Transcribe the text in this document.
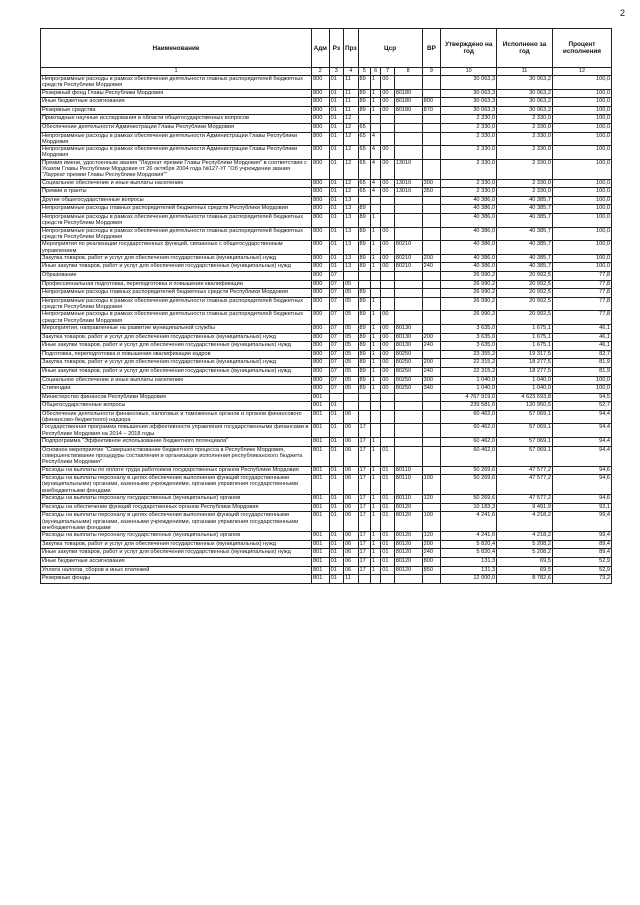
2
Наименование	Адм	Рз	Прз	Цср				ВР	Утверждено на год	Исполнено за год	Процент исполнения
1	2	3	4	5	6	7	8	9	10	11	12
Непрограммные расходы в рамках обеспечения деятельности главных распорядителей бюджетных средств Республики Мордовия	800	01	11	89	1	00			30 063,3	30 063,2	100,0
Резервный фонд Главы Республики Мордовия	800	01	11	89	1	00	80180		30 063,3	30 063,2	100,0
Иные бюджетные ассигнования	800	01	11	89	1	00	80180	800	30 063,3	30 063,2	100,0
Резервные средства	800	01	11	89	1	00	80180	870	30 063,3	30 063,2	100,0
Прикладные научные исследования в области общегосударственных вопросов	800	01	12						2 330,0	2 330,0	100,0
Обеспечение деятельности Администрации Главы Республики Мордовия	800	01	12	65					2 330,0	2 330,0	100,0
Непрограммные расходы в рамках обеспечения деятельности Администрации Главы Республики Мордовия	800	01	12	65	4				2 330,0	2 330,0	100,0
Непрограммные расходы в рамках обеспечения деятельности Администрации Главы Республики Мордовия	800	01	12	65	4	00			2 330,0	2 330,0	100,0
Премия имени, удостоенным звания "Лауреат премии Главы Республики Мордовия" в соответствии с Указом Главы Республики Мордовия от 26 октября 2004 года №127-УГ "Об учреждении звания "Лауреат премии Главы Республики Мордовия""	800	01	12	65	4	00	13010		2 330,0	2 330,0	100,0
Социальное обеспечение и иные выплаты населению	800	01	12	65	4	00	13010	300	2 330,0	2 330,0	100,0
Премии и гранты	800	01	12	65	4	00	13010	350	2 330,0	2 330,0	100,0
Другие общегосударственные вопросы	800	01	13						40 386,0	40 385,7	100,0
Непрограммные расходы главных распорядителей бюджетных средств Республики Мордовия	800	01	13	89					40 386,0	40 385,7	100,0
Непрограммные расходы в рамках обеспечения деятельности главных распорядителей бюджетных средств Республики Мордовия	800	01	13	89	1				40 386,0	40 385,7	100,0
Непрограммные расходы в рамках обеспечения деятельности главных распорядителей бюджетных средств Республики Мордовия	800	01	13	89	1	00			40 386,0	40 385,7	100,0
Мероприятия по реализации государственных функций, связанных с общегосударственным управлением	800	01	13	89	1	00	80210		40 386,0	40 385,7	100,0
Закупка товаров, работ и услуг для обеспечения государственных (муниципальных) нужд	800	01	13	89	1	00	80210	200	40 386,0	40 385,7	100,0
Иные закупки товаров, работ и услуг для обеспечения государственных (муниципальных) нужд	800	01	13	89	1	00	80210	240	40 386,0	40 385,7	100,0
Образование	800	07							26 990,2	20 992,5	77,8
Профессиональная подготовка, переподготовка и повышение квалификации	800	07	05						26 990,2	20 992,5	77,8
Непрограммные расходы главных распорядителей бюджетных средств Республики Мордовия	800	07	05	89					26 990,2	20 992,5	77,8
Непрограммные расходы в рамках обеспечения деятельности главных распорядителей бюджетных средств Республики Мордовия	800	07	05	89	1				26 990,2	20 992,5	77,8
Непрограммные расходы в рамках обеспечения деятельности главных распорядителей бюджетных средств Республики Мордовия	800	07	05	89	1	00			26 990,2	20 992,5	77,8
Мероприятия, направленные на развитие муниципальной службы	800	07	05	89	1	00	80130		3 635,0	1 675,1	46,1
Закупка товаров, работ и услуг для обеспечения государственных (муниципальных) нужд	800	07	05	89	1	00	80130	200	3 635,0	1 675,1	46,1
Иные закупки товаров, работ и услуг для обеспечения государственных (муниципальных) нужд	800	07	05	89	1	00	80130	240	3 635,0	1 675,1	46,1
Подготовка, переподготовка и повышение квалификации кадров	800	07	05	89	1	00	80250		23 355,2	19 317,5	82,7
Закупка товаров, работ и услуг для обеспечения государственных (муниципальных) нужд	800	07	05	89	1	00	80250	200	22 315,2	18 277,5	81,9
Иные закупки товаров, работ и услуг для обеспечения государственных (муниципальных) нужд	800	07	05	89	1	00	80250	240	22 315,2	18 277,5	81,9
Социальное обеспечение и иные выплаты населению	800	07	05	89	1	00	80250	300	1 040,0	1 040,0	100,0
Стипендии	800	07	05	89	1	00	80250	340	1 040,0	1 040,0	100,0
Министерство финансов Республики Мордовия	801								4 767 919,0	4 623 593,8	94,5
Общегосударственные вопросы	801	01							239 581,6	120 950,5	52,7
Обеспечение деятельности финансовых, налоговых и таможенных органов и органов финансового (финансово-бюджетного) надзора	801	01	06						60 462,0	57 069,1	94,4
Государственная программа повышения эффективности управления государственными финансами в Республике Мордовия на 2014 – 2018 годы	801	01	06	17					60 462,0	57 069,1	94,4
Подпрограмма "Эффективное использование бюджетного потенциала"	801	01	06	17	1				60 462,0	57 069,1	94,4
Основное мероприятие "Совершенствование бюджетного процесса в Республике Мордовия, совершенствование процедуры составления и организации исполнения республиканского бюджета Республики Мордовия"	801	01	06	17	1	01			60 462,0	57 069,1	94,4
Расходы на выплаты по оплате труда работников государственных органов Республики Мордовия	801	01	06	17	1	01	80110		50 269,6	47 577,2	94,6
Расходы на выплаты персоналу в целях обеспечения выполнения функций государственными (муниципальными) органами, казенными учреждениями, органами управления государственными внебюджетными фондами	801	01	06	17	1	01	80110	100	50 269,6	47 577,2	94,6
Расходы на выплаты персоналу государственных (муниципальных) органов	801	01	06	17	1	01	80110	120	50 269,6	47 577,2	94,6
Расходы на обеспечение функций государственных органов Республики Мордовия	801	01	06	17	1	01	80120		10 183,3	9 491,9	93,1
Расходы на выплаты персоналу в целях обеспечения выполнения функций государственными (муниципальными) органами, казенными учреждениями, органами управления государственными внебюджетными фондами	801	01	06	17	1	01	80120	100	4 241,6	4 218,2	99,4
Расходы на выплаты персоналу государственных (муниципальных) органов	801	01	06	17	1	01	80120	120	4 241,6	4 218,2	99,4
Закупка товаров, работ и услуг для обеспечения государственных (муниципальных) нужд	801	01	06	17	1	01	80120	200	5 820,4	5 208,2	89,4
Иные закупки товаров, работ и услуг для обеспечения государственных (муниципальных) нужд	801	01	06	17	1	01	80120	240	5 820,4	5 208,2	89,4
Иные бюджетные ассигнования	801	01	06	17	1	01	80120	800	131,3	69,5	52,9
Уплата налогов, сборов и иных платежей	801	01	06	17	1	01	80120	850	131,3	69,5	52,9
Резервные фонды	801	01	11						12 000,0	8 782,6	73,2
